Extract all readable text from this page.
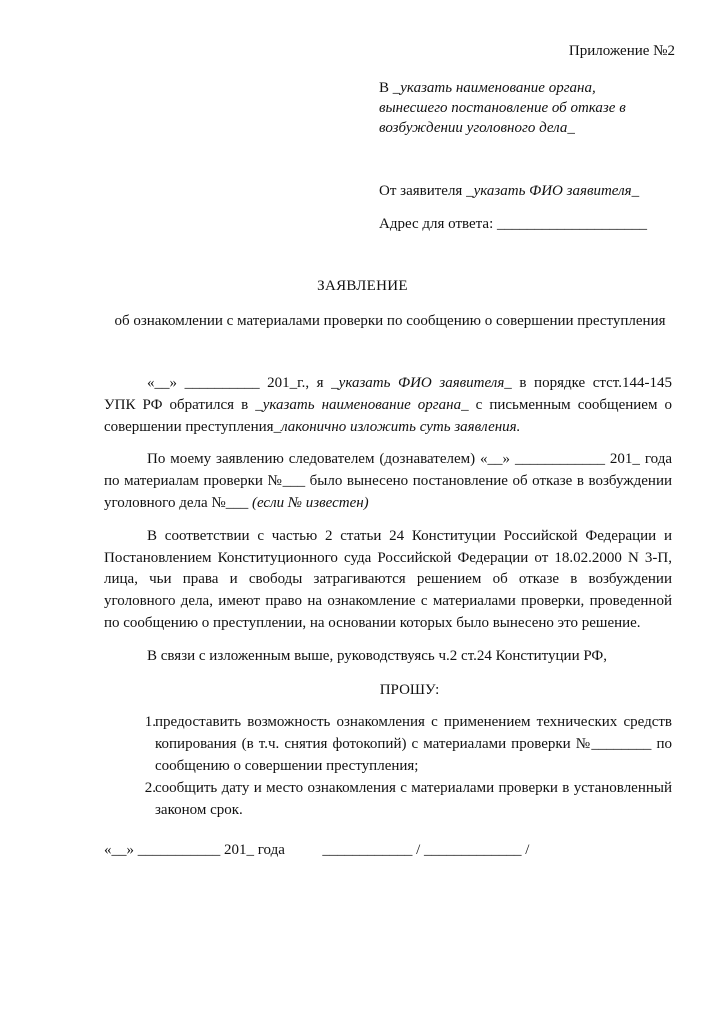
Приложение №2
В _указать наименование органа,
вынесшего постановление об отказе в
возбуждении уголовного дела_
От заявителя _указать ФИО заявителя_
Адрес для ответа: ____________________
ЗАЯВЛЕНИЕ
об ознакомлении с материалами проверки по сообщению о совершении преступления

«__» __________ 201_г., я _указать ФИО заявителя_ в порядке стст.144-145 УПК РФ обратился в _указать наименование органа_ с письменным сообщением о совершении преступления_лаконично изложить суть заявления.

По моему заявлению следователем (дознавателем) «__» ____________ 201_ года по материалам проверки №___ было вынесено постановление об отказе в возбуждении уголовного дела №___ (если № известен)

В соответствии с частью 2 статьи 24 Конституции Российской Федерации и Постановлением Конституционного суда Российской Федерации от 18.02.2000 N 3-П, лица, чьи права и свободы затрагиваются решением об отказе в возбуждении уголовного дела, имеют право на ознакомление с материалами проверки, проведенной по сообщению о преступлении, на основании которых было вынесено это решение.

В связи с изложенным выше, руководствуясь ч.2 ст.24 Конституции РФ,

ПРОШУ:

1. предоставить возможность ознакомления с применением технических средств копирования (в т.ч. снятия фотокопий) с материалами проверки №________ по сообщению о совершении преступления;
2. сообщить дату и место ознакомления с материалами проверки в установленный законом срок.
«__» ___________ 201_ года	____________ / _____________ /
